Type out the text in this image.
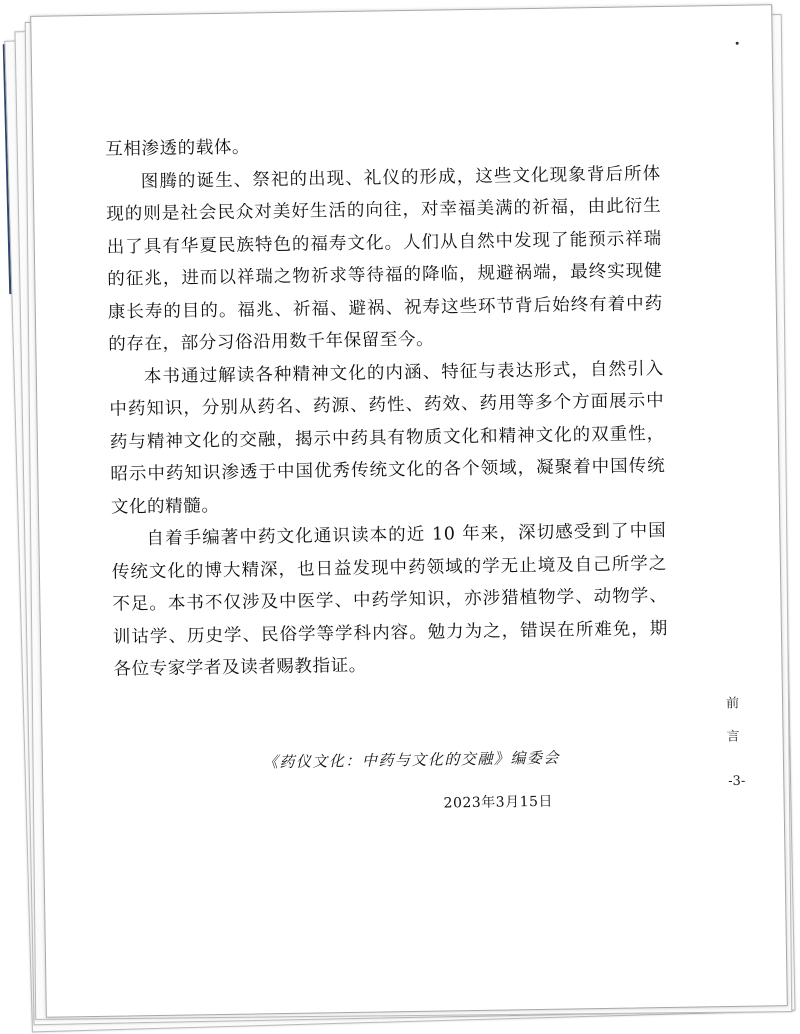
互相渗透的载体。

图腾的诞生、祭祀的出现、礼仪的形成，这些文化现象背后所体现的则是社会民众对美好生活的向往，对幸福美满的祈福，由此衍生出了具有华夏民族特色的福寿文化。人们从自然中发现了能预示祥瑞的征兆，进而以祥瑞之物祈求等待福的降临，规避祸端，最终实现健康长寿的目的。福兆、祈福、避祸、祝寿这些环节背后始终有着中药的存在，部分习俗沿用数千年保留至今。

本书通过解读各种精神文化的内涵、特征与表达形式，自然引入中药知识，分别从药名、药源、药性、药效、药用等多个方面展示中药与精神文化的交融，揭示中药具有物质文化和精神文化的双重性，昭示中药知识渗透于中国优秀传统文化的各个领域，凝聚着中国传统文化的精髓。

自着手编著中药文化通识读本的近 10 年来，深切感受到了中国传统文化的博大精深，也日益发现中药领域的学无止境及自己所学之不足。本书不仅涉及中医学、中药学知识，亦涉猎植物学、动物学、训诂学、历史学、民俗学等学科内容。勉力为之，错误在所难免，期各位专家学者及读者赐教指证。

前 言
-3-
《药仪文化：中药与文化的交融》编委会
2023年3月15日
